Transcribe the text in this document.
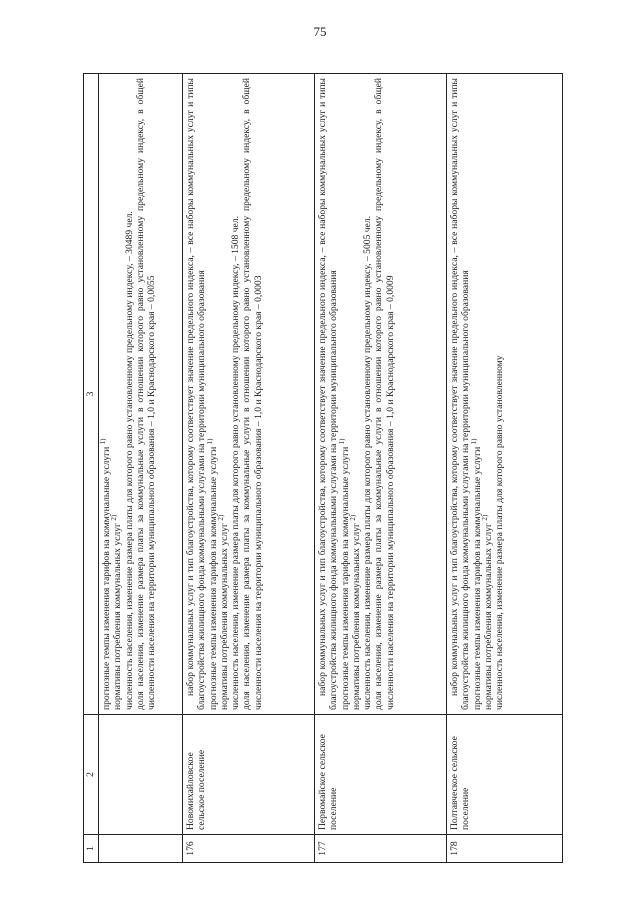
75
1	2	3

		прогнозные темпы изменения тарифов на коммунальные услуги $^{1)}$
нормативы потребления коммунальных услуг $^{2)}$ численность населения, изменение размера платы для которого равно установленному предельному индексу, – 30489 чел. доля населения, изменение размера платы за коммунальные услуги в отношении которого равно установленному предельному индексу, в общей численности населения на территории муниципального образования – 1,0 и Краснодарского края – 0,0055

176	Новомихайловское сельское поселение	набор коммунальных услуг и тип благоустройства, которому соответствует значение предельного индекса, – все наборы коммунальных услуг и типы благоустройства жилищного фонда коммунальными услугами на территории муниципального образования прогнозные темпы изменения тарифов на коммунальные услуги $^{1)}$
нормативы потребления коммунальных услуг $^{2)}$ численность населения, изменение размера платы для которого равно установленному предельному индексу, – 1508 чел. доля населения, изменение размера платы за коммунальные услуги в отношении которого равно установленному предельному индексу, в общей численности населения на территории муниципального образования – 1,0 и Краснодарского края – 0,0003

177	Первомайское сельское поселение	набор коммунальных услуг и тип благоустройства, которому соответствует значение предельного индекса, – все наборы коммунальных услуг и типы благоустройства жилищного фонда коммунальными услугами на территории муниципального образования прогнозные темпы изменения тарифов на коммунальные услуги $^{1)}$
нормативы потребления коммунальных услуг $^{2)}$ численность населения, изменение размера платы для которого равно установленному предельному индексу, – 5005 чел. доля населения, изменение размера платы за коммунальные услуги в отношении которого равно установленному предельному индексу, в общей численности населения на территории муниципального образования – 1,0 и Краснодарского края – 0,0009

178	Полтавческое сельское поселение	набор коммунальных услуг и тип благоустройства, которому соответствует значение предельного индекса, – все наборы коммунальных услуг и типы благоустройства жилищного фонда коммунальными услугами на территории муниципального образования прогнозные темпы изменения тарифов на коммунальные услуги $^{1)}$
нормативы потребления коммунальных услуг $^{2)}$ численность населения, изменение размера платы для которого равно установленному
